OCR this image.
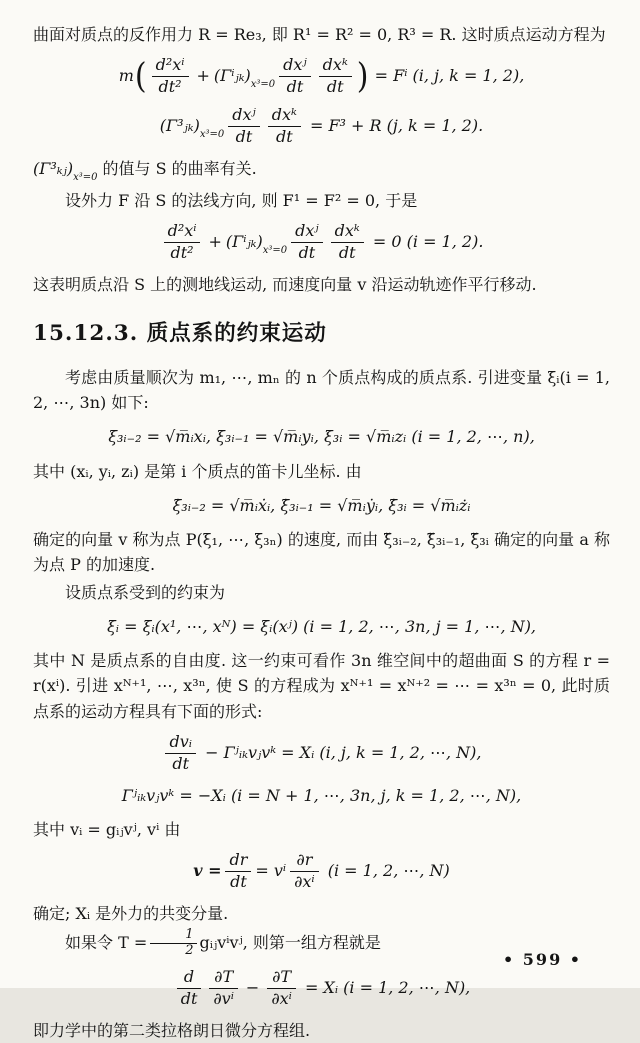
曲面对质点的反作用力 R = Re₃, 即 R¹ = R² = 0, R³ = R. 这时质点运动方程为

$m( \frac{\text{d²xⁱ}}{\text{dt²}}$ + $(\Gamma^iⱼ_k)_{x^3=0} \frac{\text{dxʲ}}{dt} \frac{\text{dxᵏ}}{dt}$ ) = Fⁱ (i, j, k = 1, 2),
$(\Gamma^3ⱼ_k)_{x^3=0} \frac{\text{dxʲ}}{dt} \frac{\text{dxᵏ}}{dt} = F^3 + R$ (j, k = 1, 2).

$(\Gamma^3_kⱼ)_{x^3=0}$ 的值与 S 的曲率有关.

设外力 F 沿 S 的法线方向, 则 F¹ = F² = 0, 于是

$\frac{\text{d²xⁱ}}{\text{dt²}}$ + $(\Gamma^iⱼ_k)_{x^3=0} \frac{\text{dxʲ}}{dt} \frac{\text{dxᵏ}}{dt} = 0$ (i = 1, 2).

这表明质点沿 S 上的测地线运动, 而速度向量 v 沿运动轨迹作平行移动.

15.12.3. 质点系的约束运动

考虑由质量顺次为 m₁, ⋯, mₙ 的 n 个质点构成的质点系. 引进变量 ξᵢ(i = 1, 2, ⋯, 3n) 如下:

ξ₃ᵢ₋₂ = √m̅ᵢxᵢ, ξ₃ᵢ₋₁ = √m̅ᵢyᵢ, ξ₃ᵢ = √m̅ᵢzᵢ (i = 1, 2, ⋯, n),

其中 (xᵢ, yᵢ, zᵢ) 是第 i 个质点的笛卡儿坐标. 由

ξ̇₃ᵢ₋₂ = √m̅ᵢẋᵢ, ξ̇₃ᵢ₋₁ = √m̅ᵢẏᵢ, ξ̇₃ᵢ = √m̅ᵢżᵢ

确定的向量 v 称为点 P(ξ₁, ⋯, ξ₃ₙ) 的速度, 而由 ξ̈₃ᵢ₋₂, ξ̈₃ᵢ₋₁, ξ̈₃ᵢ 确定的向量 a 称为点 P 的加速度.

设质点系受到的约束为

ξᵢ = ξᵢ(x¹, ⋯, xᴺ) = ξᵢ(xʲ) (i = 1, 2, ⋯, 3n, j = 1, ⋯, N),

其中 N 是质点系的自由度. 这一约束可看作 3n 维空间中的超曲面 S 的方程 r = r(xⁱ). 引进 xᴺ⁺¹, ⋯, x³ⁿ, 使 S 的方程成为 xᴺ⁺¹ = xᴺ⁺² = ⋯ = x³ⁿ = 0, 此时质点系的运动方程具有下面的形式:

$\frac{\text{dvᵢ}}{dt}$ − Γʲᵢₖvⱼvᵏ = Xᵢ (i, j, k = 1, 2, ⋯, N),
Γʲᵢₖvⱼvᵏ = −Xᵢ (i = N + 1, ⋯, 3n, j, k = 1, 2, ⋯, N),

其中 vᵢ = gᵢⱼvʲ, vⁱ 由

$v = \frac{dr}{dt} = v^i \frac{\partial r}{\text{∂xⁱ}} (i = 1$, 2, ⋯, N)

确定; Xᵢ 是外力的共变分量.

如果令 $T = \frac{1}{2}$ gᵢⱼvⁱvʲ, 则第一组方程就是

$\frac{d}{dt} \frac{\partial T}{\text{∂vⁱ}} - \frac{\partial T}{\text{∂xⁱ}}$ = Xᵢ (i = 1, 2, ⋯, N),

即力学中的第二类拉格朗日微分方程组.

• 599 •
